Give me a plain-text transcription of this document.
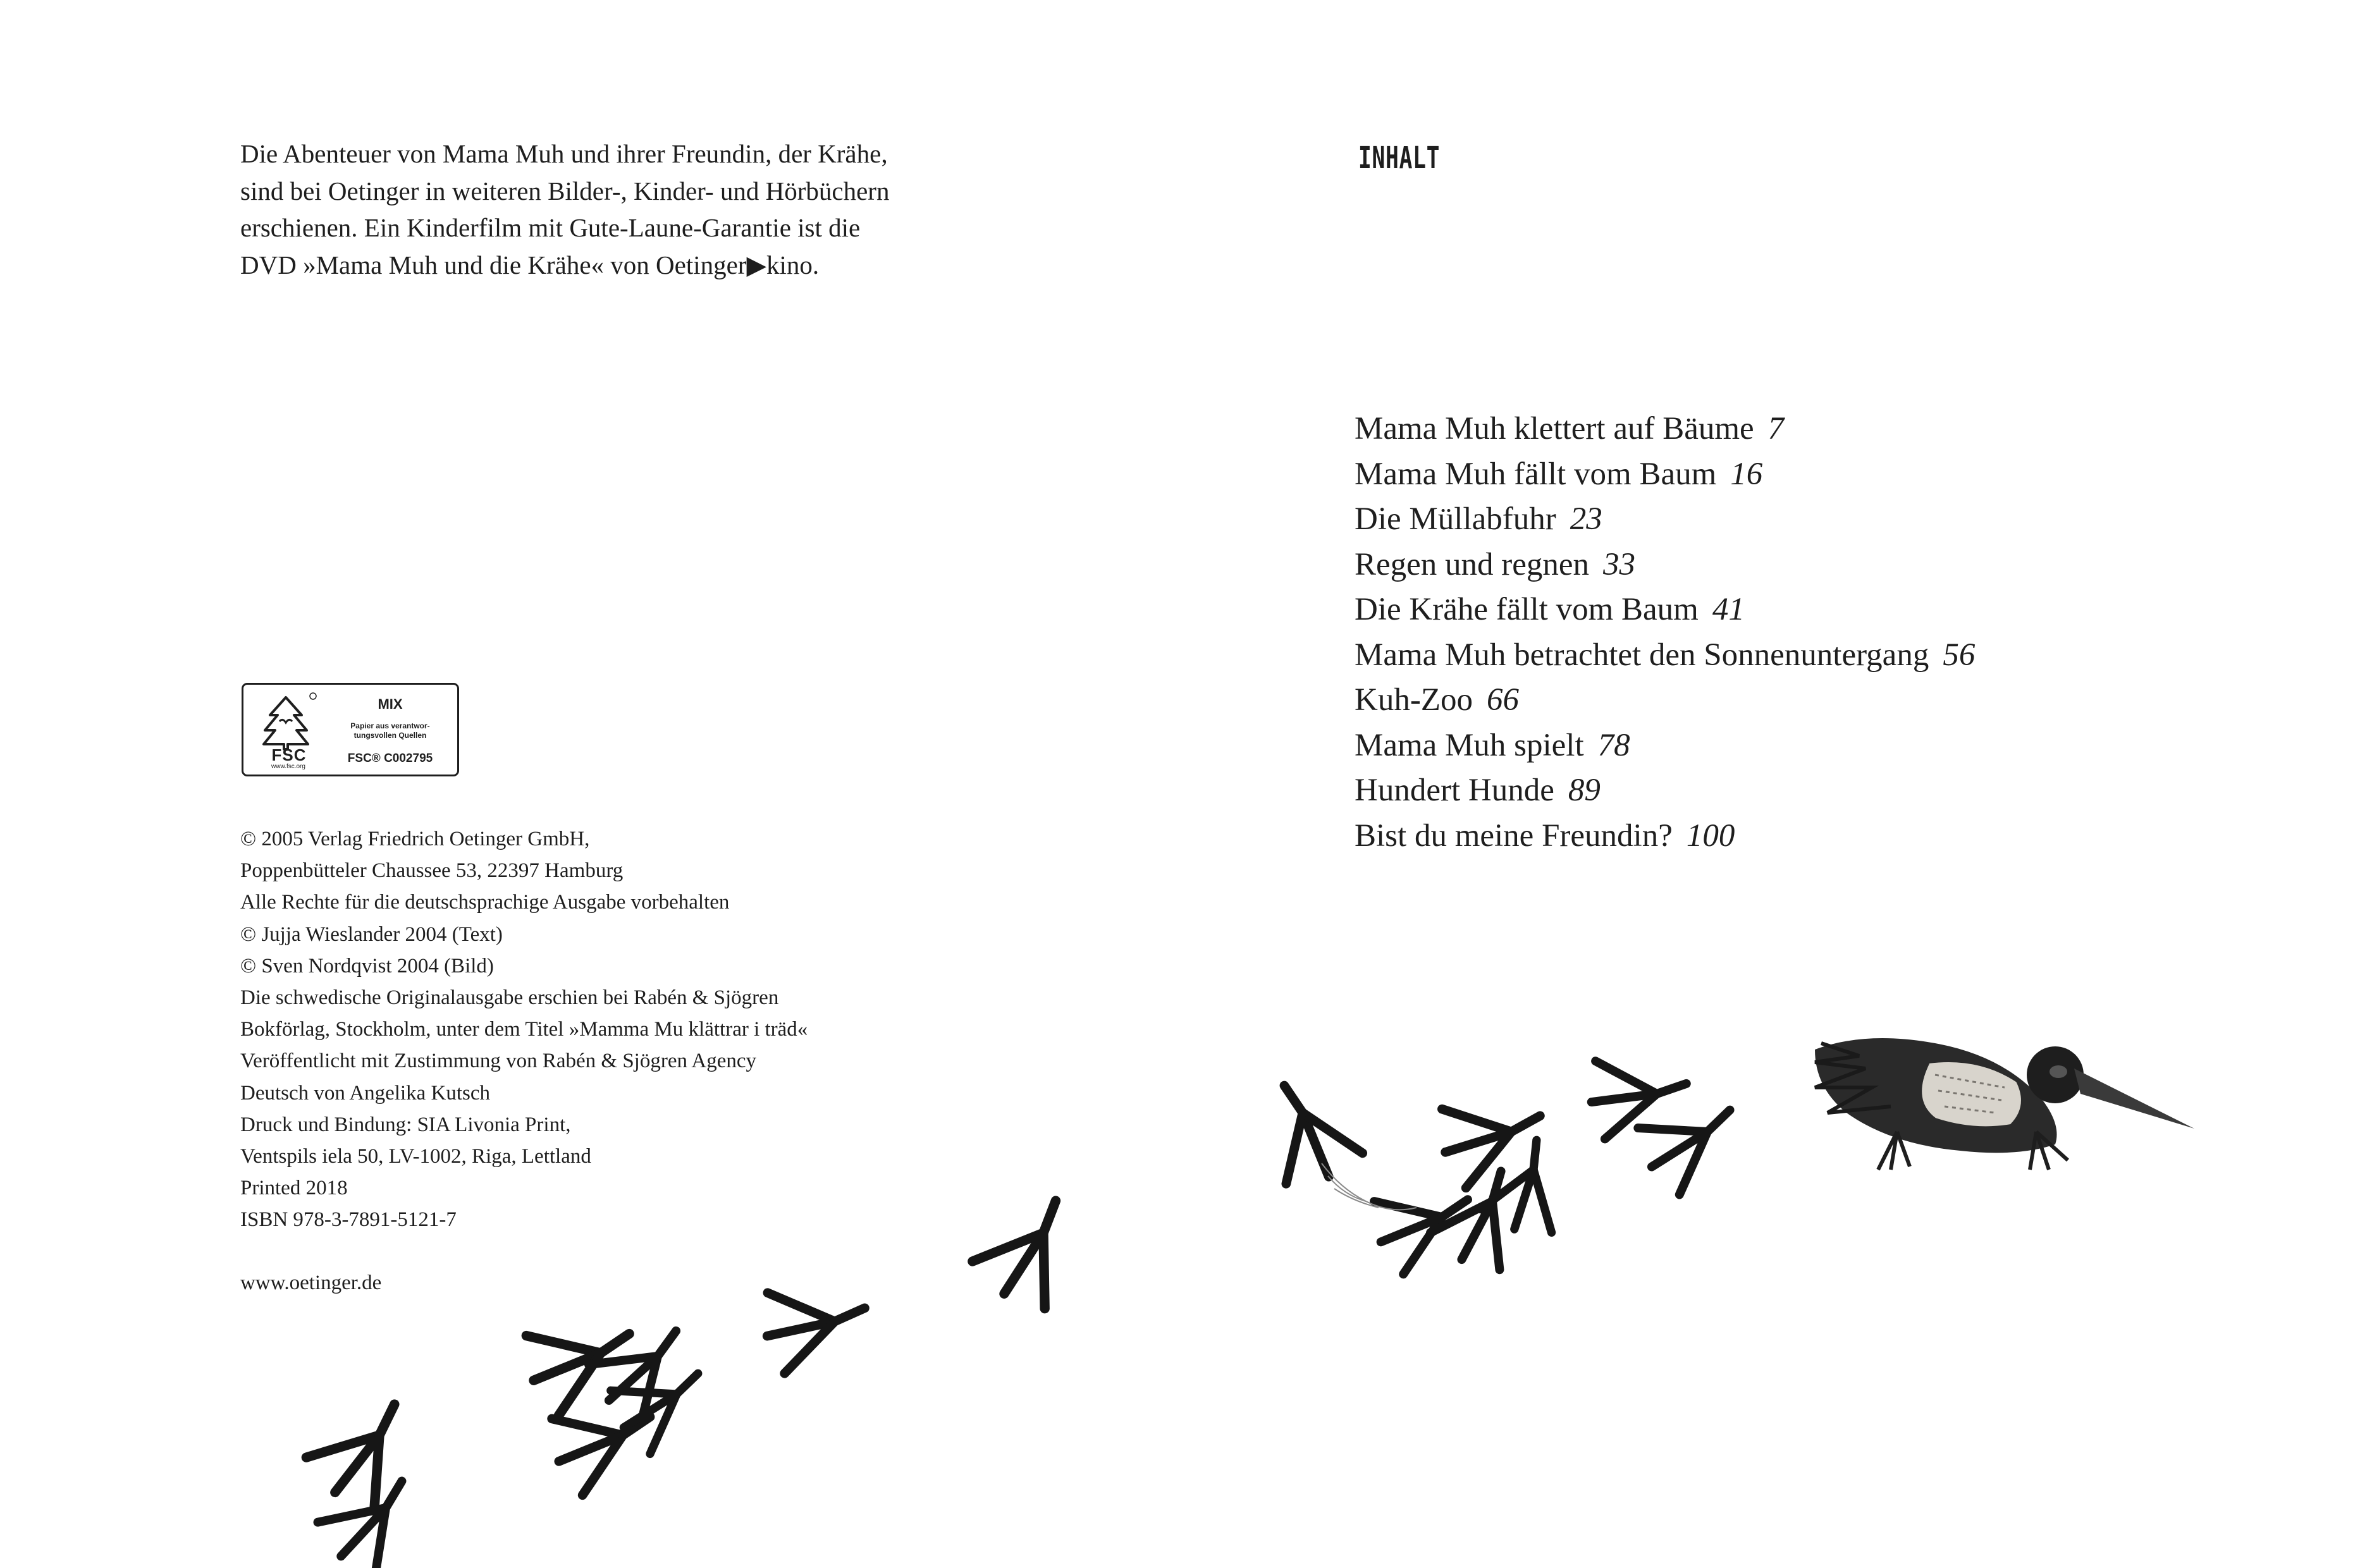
Die Abenteuer von Mama Muh und ihrer Freundin, der Krähe,

sind bei Oetinger in weiteren Bilder-, Kinder- und Hörbüchern

erschienen. Ein Kinderfilm mit Gute-Laune-Garantie ist die

DVD »Mama Muh und die Krähe« von Oetinger▶kino.

FSC
www.fsc.org
MIX
Papier aus verantwor-
tungsvollen Quellen
FSC® C002795

© 2005 Verlag Friedrich Oetinger GmbH,

Poppenbütteler Chaussee 53, 22397 Hamburg

Alle Rechte für die deutschsprachige Ausgabe vorbehalten

© Jujja Wieslander 2004 (Text)

© Sven Nordqvist 2004 (Bild)

Die schwedische Originalausgabe erschien bei Rabén & Sjögren

Bokförlag, Stockholm, unter dem Titel »Mamma Mu klättrar i träd«

Veröffentlicht mit Zustimmung von Rabén & Sjögren Agency

Deutsch von Angelika Kutsch

Druck und Bindung: SIA Livonia Print,

Ventspils iela 50, LV-1002, Riga, Lettland

Printed 2018

ISBN 978-3-7891-5121-7

www.oetinger.de
INHALT
Mama Muh klettert auf Bäume 7
Mama Muh fällt vom Baum 16
Die Müllabfuhr 23
Regen und regnen 33
Die Krähe fällt vom Baum 41
Mama Muh betrachtet den Sonnenuntergang 56
Kuh-Zoo 66
Mama Muh spielt 78
Hundert Hunde 89
Bist du meine Freundin? 100
